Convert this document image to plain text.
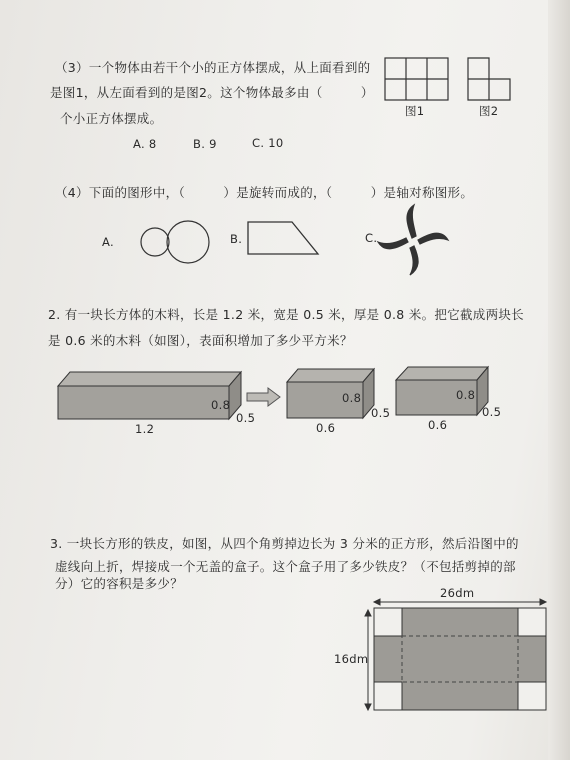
（3）一个物体由若干个小的正方体摆成，从上面看到的
是图1，从左面看到的是图2。这个物体最多由（　　　）
个小正方体摆成。
A. 8	B. 9	C. 10
图1	图2
（4）下面的图形中，（　　　）是旋转而成的，（　　　）是轴对称图形。
A.	B.	C.
2. 有一块长方体的木料，长是 1.2 米，宽是 0.5 米，厚是 0.8 米。把它截成两块长
是 0.6 米的木料（如图），表面积增加了多少平方米？
0.8
0.5
1.2
0.8
0.5
0.6
0.8
0.5
0.6
3. 一块长方形的铁皮，如图，从四个角剪掉边长为 3 分米的正方形，然后沿图中的
虚线向上折，焊接成一个无盖的盒子。这个盒子用了多少铁皮？（不包括剪掉的部
分）它的容积是多少？
26dm
16dm
